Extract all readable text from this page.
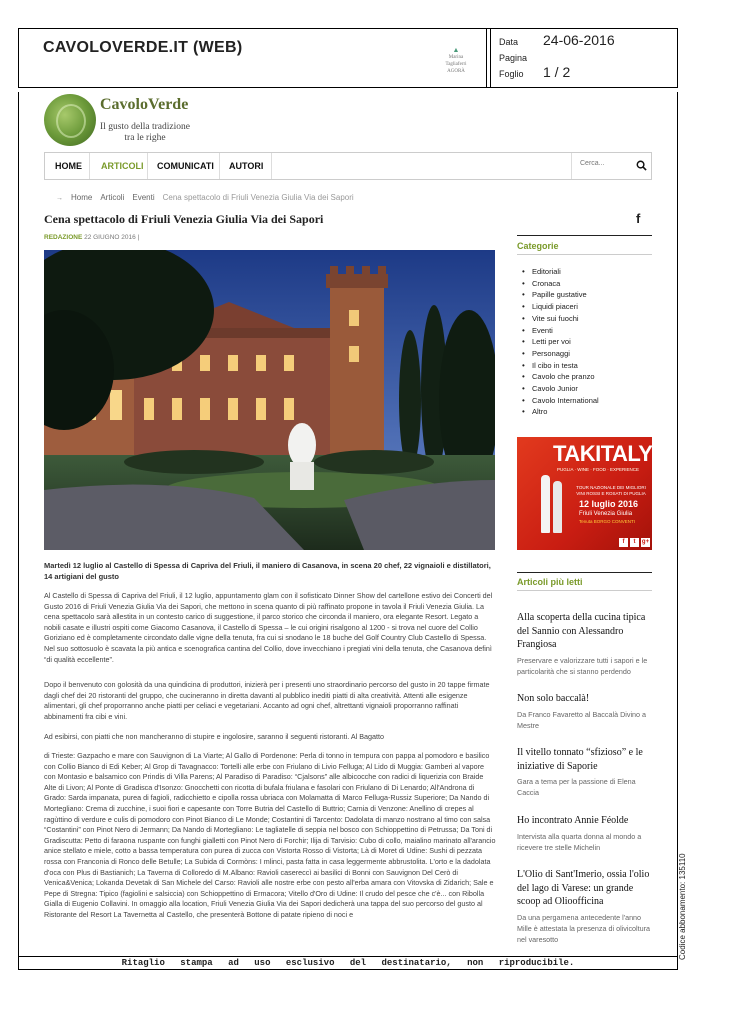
CAVOLOVERDE.IT (WEB)	▲
Marina
Tagliaferri
AGORÀ
Data 24-06-2016
Pagina
Foglio 1 / 2
CavoloVerde
Il gusto della tradizione
tra le righe
HOME ARTICOLI COMUNICATI AUTORI
Cerca...
→ Home Articoli Eventi Cena spettacolo di Friuli Venezia Giulia Via dei Sapori
Cena spettacolo di Friuli Venezia Giulia Via dei Sapori	f
REDAZIONE 22 GIUGNO 2016 |

Martedì 12 luglio al Castello di Spessa di Capriva del Friuli, il maniero di Casanova, in scena 20 chef, 22 vignaioli e distillatori, 14 artigiani del gusto

Al Castello di Spessa di Capriva del Friuli, il 12 luglio, appuntamento glam con il sofisticato Dinner Show del cartellone estivo dei Concerti del Gusto 2016 di Friuli Venezia Giulia Via dei Sapori, che mettono in scena quanto di più raffinato propone in tavola il Friuli Venezia Giulia. La cena spettacolo sarà allestita in un contesto carico di suggestione, il parco storico che circonda il maniero, ora elegante Resort. Legato a nobili casate e illustri ospiti come Giacomo Casanova, il Castello di Spessa – le cui origini risalgono al 1200 - si trova nel cuore del Collio Goriziano ed è completamente circondato dalle vigne della tenuta, fra cui si snodano le 18 buche del Golf Country Club Castello di Spessa. Nel suo sottosuolo è scavata la più antica e scenografica cantina del Collio, dove invecchiano i pregiati vini della tenuta, che Casanova definì “di qualità eccellente”.

Dopo il benvenuto con golosità da una quindicina di produttori, inizierà per i presenti uno straordinario percorso del gusto in 20 tappe firmate dagli chef dei 20 ristoranti del gruppo, che cucineranno in diretta davanti al pubblico inediti piatti di alta creatività. Attenti alle esigenze alimentari, gli chef proporranno anche piatti per celiaci e vegetariani. Accanto ad ogni chef, altrettanti vignaioli proporranno raffinati abbinamenti fra cibi e vini.

Ad esibirsi, con piatti che non mancheranno di stupire e ingolosire, saranno il seguenti ristoranti. Al Bagatto

di Trieste: Gazpacho e mare con Sauvignon di La Viarte; Al Gallo di Pordenone: Perla di tonno in tempura con pappa al pomodoro e basilico con Collio Bianco di Edi Keber; Al Grop di Tavagnacco: Tortelli alle erbe con Friulano di Livio Felluga; Al Lido di Muggia: Gamberi al vapore con Montasio e balsamico con Prindis di Villa Parens; Al Paradiso di Paradiso: “Cjalsons” alle albicocche con radici di liquerizia con Braide Alte di Livon; Al Ponte di Gradisca d'Isonzo: Gnocchetti con ricotta di bufala friulana e fasolari con Friulano di Di Lenardo; All'Androna di Grado: Sarda impanata, purea di fagioli, radicchietto e cipolla rossa ubriaca con Molamatta di Marco Felluga-Russiz Superiore; Da Nando di Mortegliano: Crema di zucchine, i suoi fiori e capesante con Torre Butria del Castello di Buttrio; Carnia di Venzone: Anellino di crepes al ragùttino di verdure e culis di pomodoro con Pinot Bianco di Le Monde; Costantini di Tarcento: Dadolata di manzo nostrano al timo con salsa “Costantini” con Pinot Nero di Jermann; Da Nando di Mortegliano: Le tagliatelle di seppia nel bosco con Schioppettino di Petrussa; Da Toni di Gradiscutta: Petto di faraona ruspante con funghi gialletti con Pinot Nero di Forchir; Ilija di Tarvisio: Cubo di collo, maialino marinato all'arancio anice stellato e miele, cotto a bassa temperatura con purea di zucca con Vistorta Rosso di Vistorta; Là di Moret di Udine: Sushi di pezzata rossa con Franconia di Ronco delle Betulle; La Subida di Cormòns: I mlinci, pasta fatta in casa leggermente abbrustolita. L'orto e la dadolata d'oca con Plus di Bastianich; La Taverna di Colloredo di M.Albano: Ravioli casereccì ai basilici di Bonni con Sauvignon Del Cerò di Venica&Venica; Lokanda Devetak di San Michele del Carso: Ravioli alle nostre erbe con pesto all'erba amara con Vitovska di Zidarich; Sale e Pepe di Stregna: Tipico (fagiolini e salsiccia) con Schioppettino di Ermacora; Vitello d'Oro di Udine: Il crudo del pesce che c'è... con Ribolla Gialla di Eugenio Collavini. In omaggio alla location, Friuli Venezia Giulia Via dei Sapori dedicherà una tappa del suo percorso del gusto al Ristorante del Resort La Tavernetta al Castello, che presenterà Bottone di patate ripieno di noci e

Categorie
• Editoriali
• Cronaca
• Papille gustative
• Liquidi piaceri
• Vite sui fuochi
• Eventi
• Letti per voi
• Personaggi
• Il cibo in testa
• Cavolo che pranzo
• Cavolo Junior
• Cavolo International
• Altro
TAKITALY
PUGLIA · WINE · FOOD · EXPERIENCE
TOUR NAZIONALE DEI MIGLIORI VINI ROSSI E ROSATI DI PUGLIA
12 luglio 2016
Friuli Venezia Giulia
Tenuta BORGO CONVENTI
f	t	g+
Articoli più letti
Alla scoperta della cucina tipica del Sannio con Alessandro Frangiosa
Preservare e valorizzare tutti i sapori e le particolarità che si stanno perdendo
Non solo baccalà!
Da Franco Favaretto al Baccalà Divino a Mestre
Il vitello tonnato “sfizioso” e le iniziative di Saporie
Gara a tema per la passione di Elena Caccia
Ho incontrato Annie Féolde
Intervista alla quarta donna al mondo a ricevere tre stelle Michelin
L'Olio di Sant'Imerio, ossia l'olio del lago di Varese: un grande scoop ad Olioofficina
Da una pergamena antecedente l'anno Mille è attestata la presenza di olivicoltura nel varesotto
Ritaglio stampa ad uso esclusivo del destinatario, non riproducibile.
Codice abbonamento: 135110
